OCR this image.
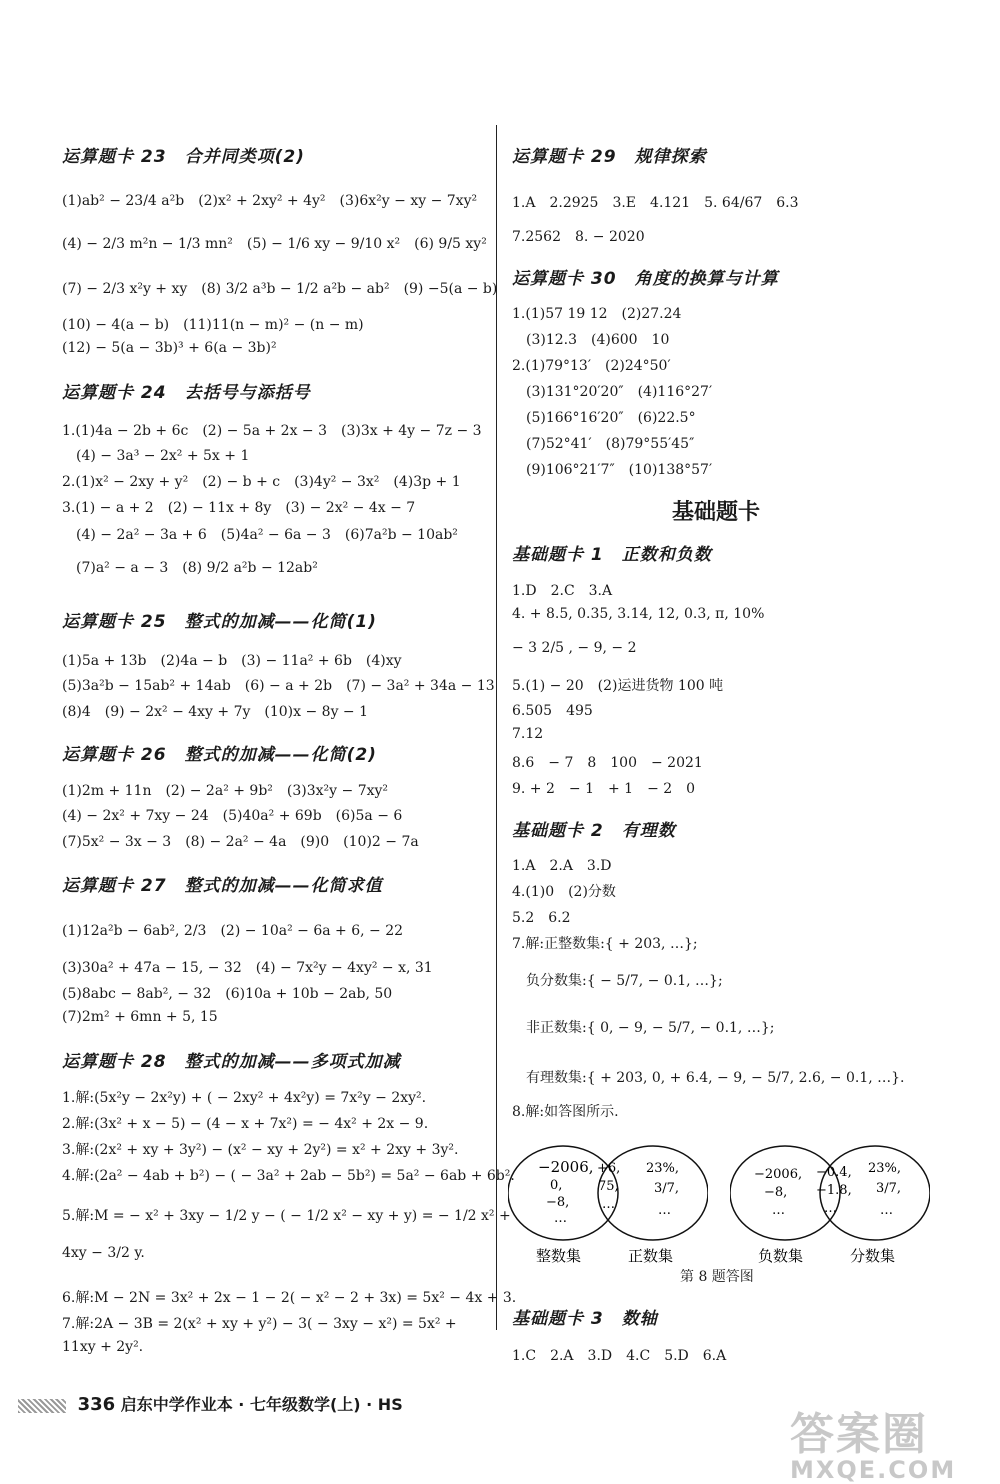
运算题卡 23　合并同类项(2)
(1)ab² − 23/4 a²b　(2)x² + 2xy² + 4y²　(3)6x²y − xy − 7xy²
(4) − 2/3 m²n − 1/3 mn²　(5) − 1/6 xy − 9/10 x²　(6) 9/5 xy²
(7) − 2/3 x²y + xy　(8) 3/2 a³b − 1/2 a²b − ab²　(9) −5(a − b)
(10) − 4(a − b)　(11)11(n − m)² − (n − m)
(12) − 5(a − 3b)³ + 6(a − 3b)²
运算题卡 24　去括号与添括号
1.(1)4a − 2b + 6c　(2) − 5a + 2x − 3　(3)3x + 4y − 7z − 3
　(4) − 3a³ − 2x² + 5x + 1
2.(1)x² − 2xy + y²　(2) − b + c　(3)4y² − 3x²　(4)3p + 1
3.(1) − a + 2　(2) − 11x + 8y　(3) − 2x² − 4x − 7
　(4) − 2a² − 3a + 6　(5)4a² − 6a − 3　(6)7a²b − 10ab²
　(7)a² − a − 3　(8) 9/2 a²b − 12ab²
运算题卡 25　整式的加减——化简(1)
(1)5a + 13b　(2)4a − b　(3) − 11a² + 6b　(4)xy
(5)3a²b − 15ab² + 14ab　(6) − a + 2b　(7) − 3a² + 34a − 13
(8)4　(9) − 2x² − 4xy + 7y　(10)x − 8y − 1
运算题卡 26　整式的加减——化简(2)
(1)2m + 11n　(2) − 2a² + 9b²　(3)3x²y − 7xy²
(4) − 2x² + 7xy − 24　(5)40a² + 69b　(6)5a − 6
(7)5x² − 3x − 3　(8) − 2a² − 4a　(9)0　(10)2 − 7a
运算题卡 27　整式的加减——化简求值
(1)12a²b − 6ab², 2/3　(2) − 10a² − 6a + 6, − 22
(3)30a² + 47a − 15, − 32　(4) − 7x²y − 4xy² − x, 31
(5)8abc − 8ab², − 32　(6)10a + 10b − 2ab, 50
(7)2m² + 6mn + 5, 15
运算题卡 28　整式的加减——多项式加减
1.解:(5x²y − 2x²y) + ( − 2xy² + 4x²y) = 7x²y − 2xy².
2.解:(3x² + x − 5) − (4 − x + 7x²) = − 4x² + 2x − 9.
3.解:(2x² + xy + 3y²) − (x² − xy + 2y²) = x² + 2xy + 3y².
4.解:(2a² − 4ab + b²) − ( − 3a² + 2ab − 5b²) = 5a² − 6ab + 6b².
5.解:M = − x² + 3xy − 1/2 y − ( − 1/2 x² − xy + y) = − 1/2 x² +
4xy − 3/2 y.
6.解:M − 2N = 3x² + 2x − 1 − 2( − x² − 2 + 3x) = 5x² − 4x + 3.
7.解:2A − 3B = 2(x² + xy + y²) − 3( − 3xy − x²) = 5x² +
11xy + 2y².
运算题卡 29　规律探索
1.A　2.2925　3.E　4.121　5. 64/67　6.3
7.2562　8. − 2020
运算题卡 30　角度的换算与计算
1.(1)57 19 12　(2)27.24
　(3)12.3　(4)600　10
2.(1)79°13′　(2)24°50′
　(3)131°20′20″　(4)116°27′
　(5)166°16′20″　(6)22.5°
　(7)52°41′　(8)79°55′45″
　(9)106°21′7″　(10)138°57′
基础题卡
基础题卡 1　正数和负数
1.D　2.C　3.A
4. + 8.5, 0.35, 3.14, 12, 0.3, π, 10%
− 3 2/5 , − 9, − 2
5.(1) − 20　(2)运进货物 100 吨
6.505　495
7.12
8.6　− 7　8　100　− 2021
9. + 2　− 1　+ 1　− 2　0
基础题卡 2　有理数
1.A　2.A　3.D
4.(1)0　(2)分数
5.2　6.2
7.解:正整数集:{ + 203, …};
负分数集:{ − 5/7, − 0.1, …};
非正数集:{ 0, − 9, − 5/7, − 0.1, …};
有理数集:{ + 203, 0, + 6.4, − 9, − 5/7, 2.6, − 0.1, …}.
8.解:如答图所示.
−2006,
0,
−8,
…
+6,
75,
…
23%,
3/7,
…
整数集	正数集
−2006,
−8,
…
−0.4,
−1.8,
…
23%,
3/7,
…
负数集	分数集
第 8 题答图
基础题卡 3　数轴
1.C　2.A　3.D　4.C　5.D　6.A
336 启东中学作业本 · 七年级数学(上) · HS
答案圈
MXQE.COM
